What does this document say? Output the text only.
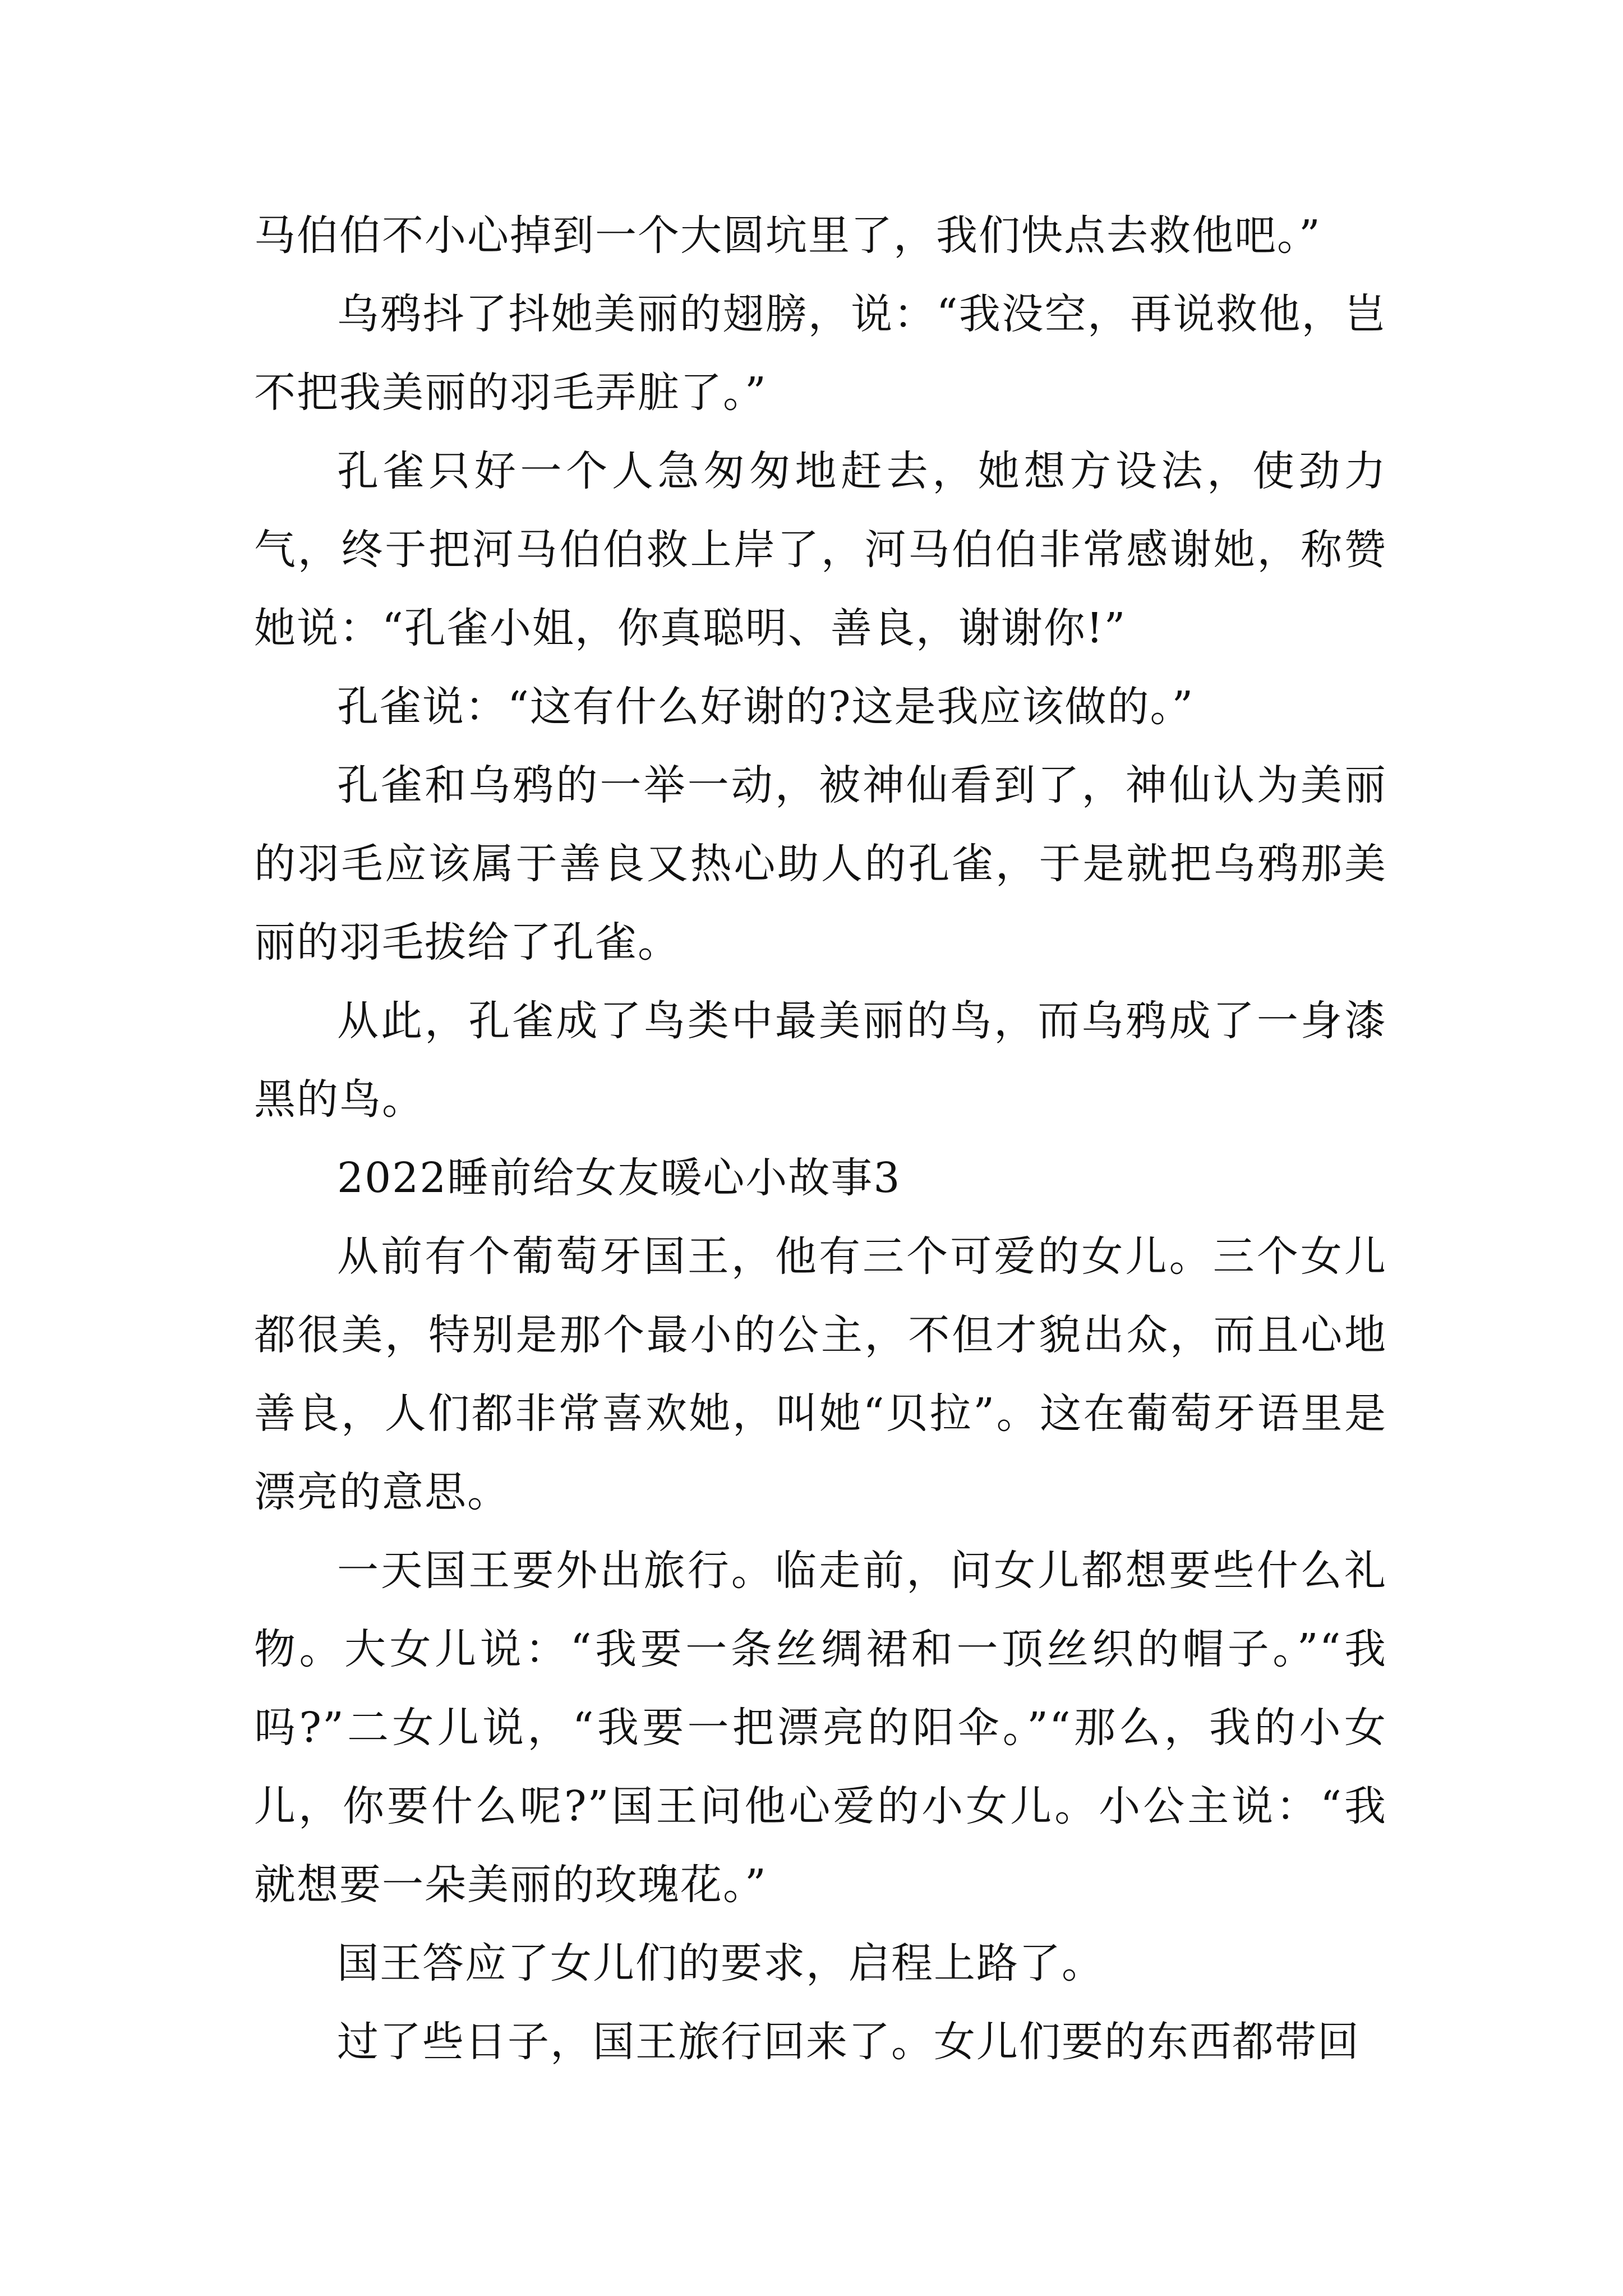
马伯伯不小心掉到一个大圆坑里了，我们快点去救他吧。”

乌鸦抖了抖她美丽的翅膀，说：“我没空，再说救他，岂不把我美丽的羽毛弄脏了。”

孔雀只好一个人急匆匆地赶去，她想方设法，使劲力气，终于把河马伯伯救上岸了，河马伯伯非常感谢她，称赞她说：“孔雀小姐，你真聪明、善良，谢谢你!”

孔雀说：“这有什么好谢的?这是我应该做的。”

孔雀和乌鸦的一举一动，被神仙看到了，神仙认为美丽的羽毛应该属于善良又热心助人的孔雀，于是就把乌鸦那美丽的羽毛拔给了孔雀。

从此，孔雀成了鸟类中最美丽的鸟，而乌鸦成了一身漆黑的鸟。

2022睡前给女友暖心小故事3

从前有个葡萄牙国王，他有三个可爱的女儿。三个女儿都很美，特别是那个最小的公主，不但才貌出众，而且心地善良，人们都非常喜欢她，叫她“贝拉”。这在葡萄牙语里是漂亮的意思。

一天国王要外出旅行。临走前，问女儿都想要些什么礼物。大女儿说：“我要一条丝绸裙和一顶丝织的帽子。”“我吗?”二女儿说，“我要一把漂亮的阳伞。”“那么，我的小女儿，你要什么呢?”国王问他心爱的小女儿。小公主说：“我就想要一朵美丽的玫瑰花。”

国王答应了女儿们的要求，启程上路了。

过了些日子，国王旅行回来了。女儿们要的东西都带回
